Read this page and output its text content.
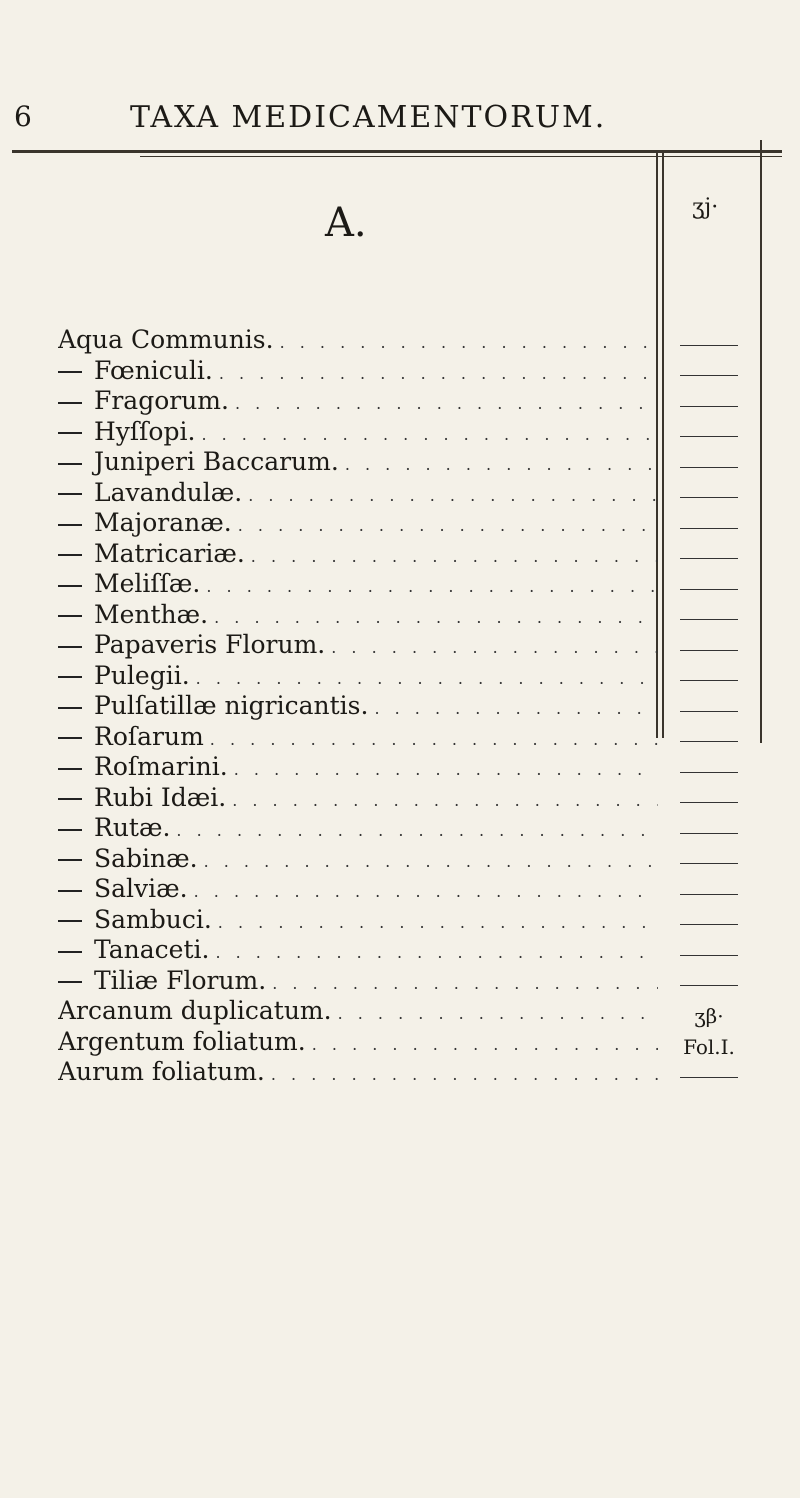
6	TAXA MEDICAMENTORUM.
A.	ʒj·
Aqua Communis.
. . .
Fœniculi.
. . .
Fragorum.
. . .
Hyſſopi.
. . .
Juniperi Baccarum.
. . .
Lavandulæ.
. . .
Majoranæ.
. . .
Matricariæ.
. . .
Meliſſæ.
. . .
Menthæ.
. . .
Papaveris Florum.
. . .
Pulegii.
. . .
Pulſatillæ nigricantis.
. . .
Roſarum
. . .
Roſmarini.
. . .
Rubi Idæi.
. . .
Rutæ.
. . .
Sabinæ.
. . .
Salviæ.
. . .
Sambuci.
. . .
Tanaceti.
. . .
Tiliæ Florum.
. . .
Arcanum duplicatum.
. . .
Argentum foliatum.
. . .
Aurum foliatum.
. . .
ʒβ·
Fol.I.
